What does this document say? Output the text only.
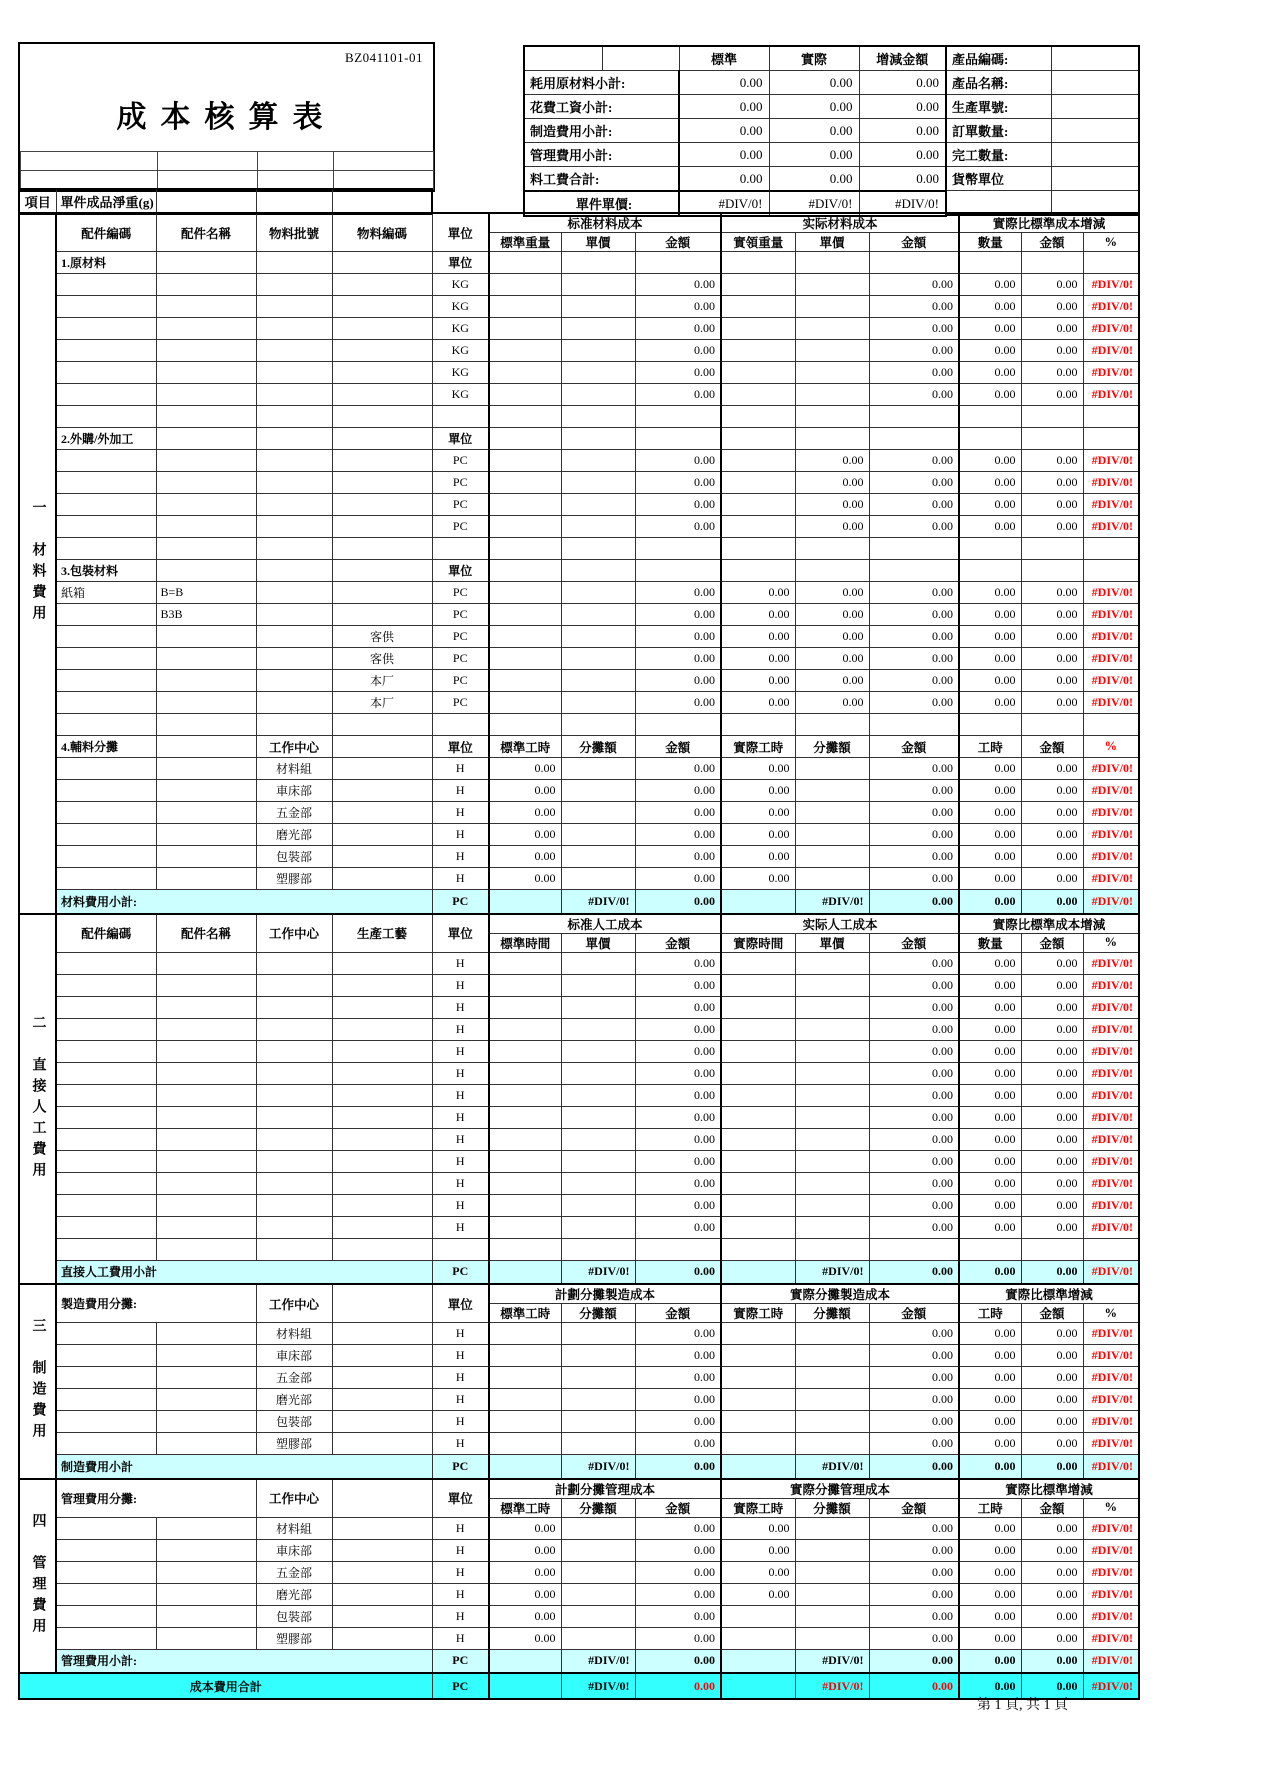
BZ041101-01
成本核算表

項目	單件成品淨重(g)			
		標準	實際	增減金額
耗用原材料小計:		0.00	0.00	0.00
花費工資小計:		0.00	0.00	0.00
制造費用小計:		0.00	0.00	0.00
管理費用小計:		0.00	0.00	0.00
料工費合計:		0.00	0.00	0.00
單件單價:		#DIV/0!	#DIV/0!	#DIV/0!
產品編碼:	
產品名稱:	
生產單號:	
訂單數量:	
完工數量:	
貨幣單位	

一　材料費用	配件編碼	配件名稱	物料批號	物料編碼	單位	标准材料成本			实际材料成本			實際比標準成本增減		
						標準重量	單價	金額	實領重量	單價	金額	數量	金額	%
	1.原材料				單位									
					KG			0.00			0.00	0.00	0.00	#DIV/0!
					KG			0.00			0.00	0.00	0.00	#DIV/0!
					KG			0.00			0.00	0.00	0.00	#DIV/0!
					KG			0.00			0.00	0.00	0.00	#DIV/0!
					KG			0.00			0.00	0.00	0.00	#DIV/0!
					KG			0.00			0.00	0.00	0.00	#DIV/0!

	2.外購/外加工				單位									
					PC			0.00		0.00	0.00	0.00	0.00	#DIV/0!
					PC			0.00		0.00	0.00	0.00	0.00	#DIV/0!
					PC			0.00		0.00	0.00	0.00	0.00	#DIV/0!
					PC			0.00		0.00	0.00	0.00	0.00	#DIV/0!

	3.包裝材料				單位									
	紙箱	B=B			PC			0.00	0.00	0.00	0.00	0.00	0.00	#DIV/0!
		B3B			PC			0.00	0.00	0.00	0.00	0.00	0.00	#DIV/0!
				客供	PC			0.00	0.00	0.00	0.00	0.00	0.00	#DIV/0!
				客供	PC			0.00	0.00	0.00	0.00	0.00	0.00	#DIV/0!
				本厂	PC			0.00	0.00	0.00	0.00	0.00	0.00	#DIV/0!
				本厂	PC			0.00	0.00	0.00	0.00	0.00	0.00	#DIV/0!

	4.輔料分攤		工作中心		單位	標準工時	分攤額	金額	實際工時	分攤額	金額	工時	金額	%
			材料組		H	0.00		0.00	0.00		0.00	0.00	0.00	#DIV/0!
			車床部		H	0.00		0.00	0.00		0.00	0.00	0.00	#DIV/0!
			五金部		H	0.00		0.00	0.00		0.00	0.00	0.00	#DIV/0!
			磨光部		H	0.00		0.00	0.00		0.00	0.00	0.00	#DIV/0!
			包裝部		H	0.00		0.00	0.00		0.00	0.00	0.00	#DIV/0!
			塑膠部		H	0.00		0.00	0.00		0.00	0.00	0.00	#DIV/0!
	材料費用小計:				PC		#DIV/0!	0.00		#DIV/0!	0.00	0.00	0.00	#DIV/0!
二　直接人工費用	配件編碼	配件名稱	工作中心	生產工藝	單位	标准人工成本			实际人工成本			實際比標準成本增減		
						標準時間	單價	金額	實際時間	單價	金額	數量	金額	%
					H			0.00			0.00	0.00	0.00	#DIV/0!
					H			0.00			0.00	0.00	0.00	#DIV/0!
					H			0.00			0.00	0.00	0.00	#DIV/0!
					H			0.00			0.00	0.00	0.00	#DIV/0!
					H			0.00			0.00	0.00	0.00	#DIV/0!
					H			0.00			0.00	0.00	0.00	#DIV/0!
					H			0.00			0.00	0.00	0.00	#DIV/0!
					H			0.00			0.00	0.00	0.00	#DIV/0!
					H			0.00			0.00	0.00	0.00	#DIV/0!
					H			0.00			0.00	0.00	0.00	#DIV/0!
					H			0.00			0.00	0.00	0.00	#DIV/0!
					H			0.00			0.00	0.00	0.00	#DIV/0!
					H			0.00			0.00	0.00	0.00	#DIV/0!

	直接人工費用小計				PC		#DIV/0!	0.00		#DIV/0!	0.00	0.00	0.00	#DIV/0!
三　制造費用	製造費用分攤:		工作中心		單位	計劃分攤製造成本			實際分攤製造成本			實際比標準增減		
						標準工時	分攤額	金額	實際工時	分攤額	金額	工時	金額	%
			材料組		H			0.00			0.00	0.00	0.00	#DIV/0!
			車床部		H			0.00			0.00	0.00	0.00	#DIV/0!
			五金部		H			0.00			0.00	0.00	0.00	#DIV/0!
			磨光部		H			0.00			0.00	0.00	0.00	#DIV/0!
			包裝部		H			0.00			0.00	0.00	0.00	#DIV/0!
			塑膠部		H			0.00			0.00	0.00	0.00	#DIV/0!
	制造費用小計				PC		#DIV/0!	0.00		#DIV/0!	0.00	0.00	0.00	#DIV/0!
四　管理費用	管理費用分攤:		工作中心		單位	計劃分攤管理成本			實際分攤管理成本			實際比標準增減		
						標準工時	分攤額	金額	實際工時	分攤額	金額	工時	金額	%
			材料組		H	0.00		0.00	0.00		0.00	0.00	0.00	#DIV/0!
			車床部		H	0.00		0.00	0.00		0.00	0.00	0.00	#DIV/0!
			五金部		H	0.00		0.00	0.00		0.00	0.00	0.00	#DIV/0!
			磨光部		H	0.00		0.00	0.00		0.00	0.00	0.00	#DIV/0!
			包裝部		H	0.00		0.00			0.00	0.00	0.00	#DIV/0!
			塑膠部		H	0.00		0.00			0.00	0.00	0.00	#DIV/0!
	管理費用小計:				PC		#DIV/0!	0.00		#DIV/0!	0.00	0.00	0.00	#DIV/0!
成本費用合計					PC		#DIV/0!	0.00		#DIV/0!	0.00	0.00	0.00	#DIV/0!
第 1 頁, 共 1 頁
